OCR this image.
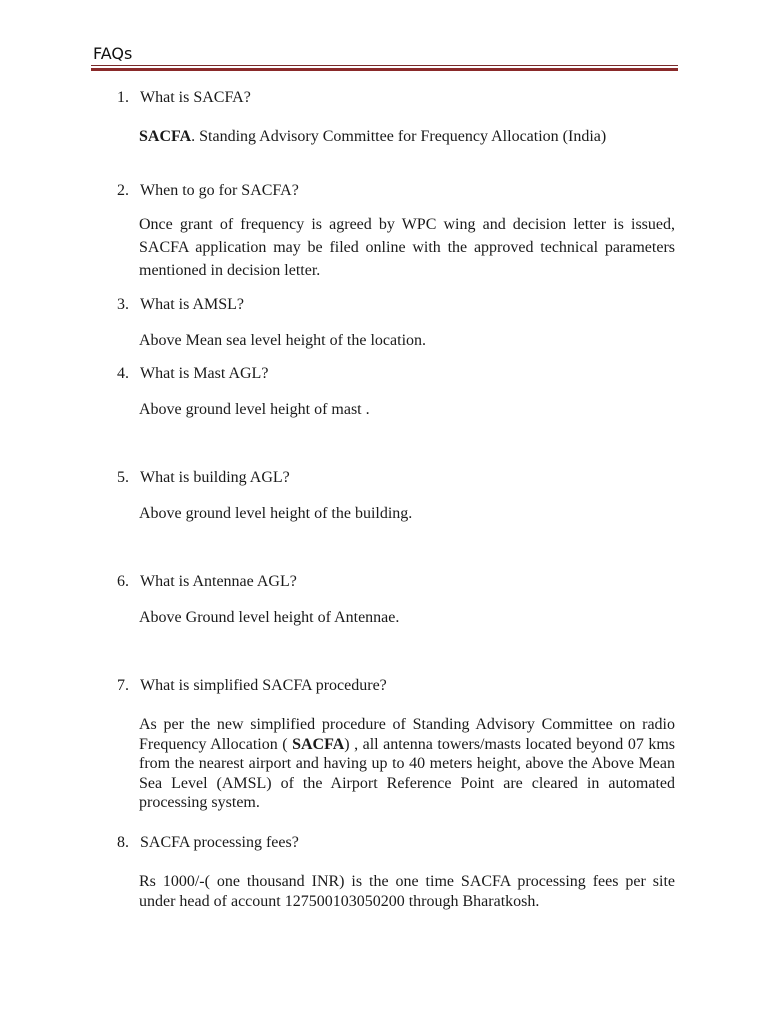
FAQs
1. What is SACFA?
SACFA. Standing Advisory Committee for Frequency Allocation (India)
2. When to go for SACFA?
Once grant of frequency is agreed by WPC wing and decision letter is issued, SACFA application may be filed online with the approved technical parameters mentioned in decision letter.
3. What is AMSL?
Above Mean sea level height of the location.
4. What is Mast AGL?
Above ground level height of mast .
5. What is building AGL?
Above ground level height of the building.
6. What is Antennae AGL?
Above Ground level height of Antennae.
7. What is simplified SACFA procedure?
As per the new simplified procedure of Standing Advisory Committee on radio Frequency Allocation ( SACFA) , all antenna towers/masts located beyond 07 kms from the nearest airport and having up to 40 meters height, above the Above Mean Sea Level (AMSL) of the Airport Reference Point are cleared in automated processing system.
8. SACFA processing fees?
Rs 1000/-( one thousand INR) is the one time SACFA processing fees per site under head of account 127500103050200 through Bharatkosh.
